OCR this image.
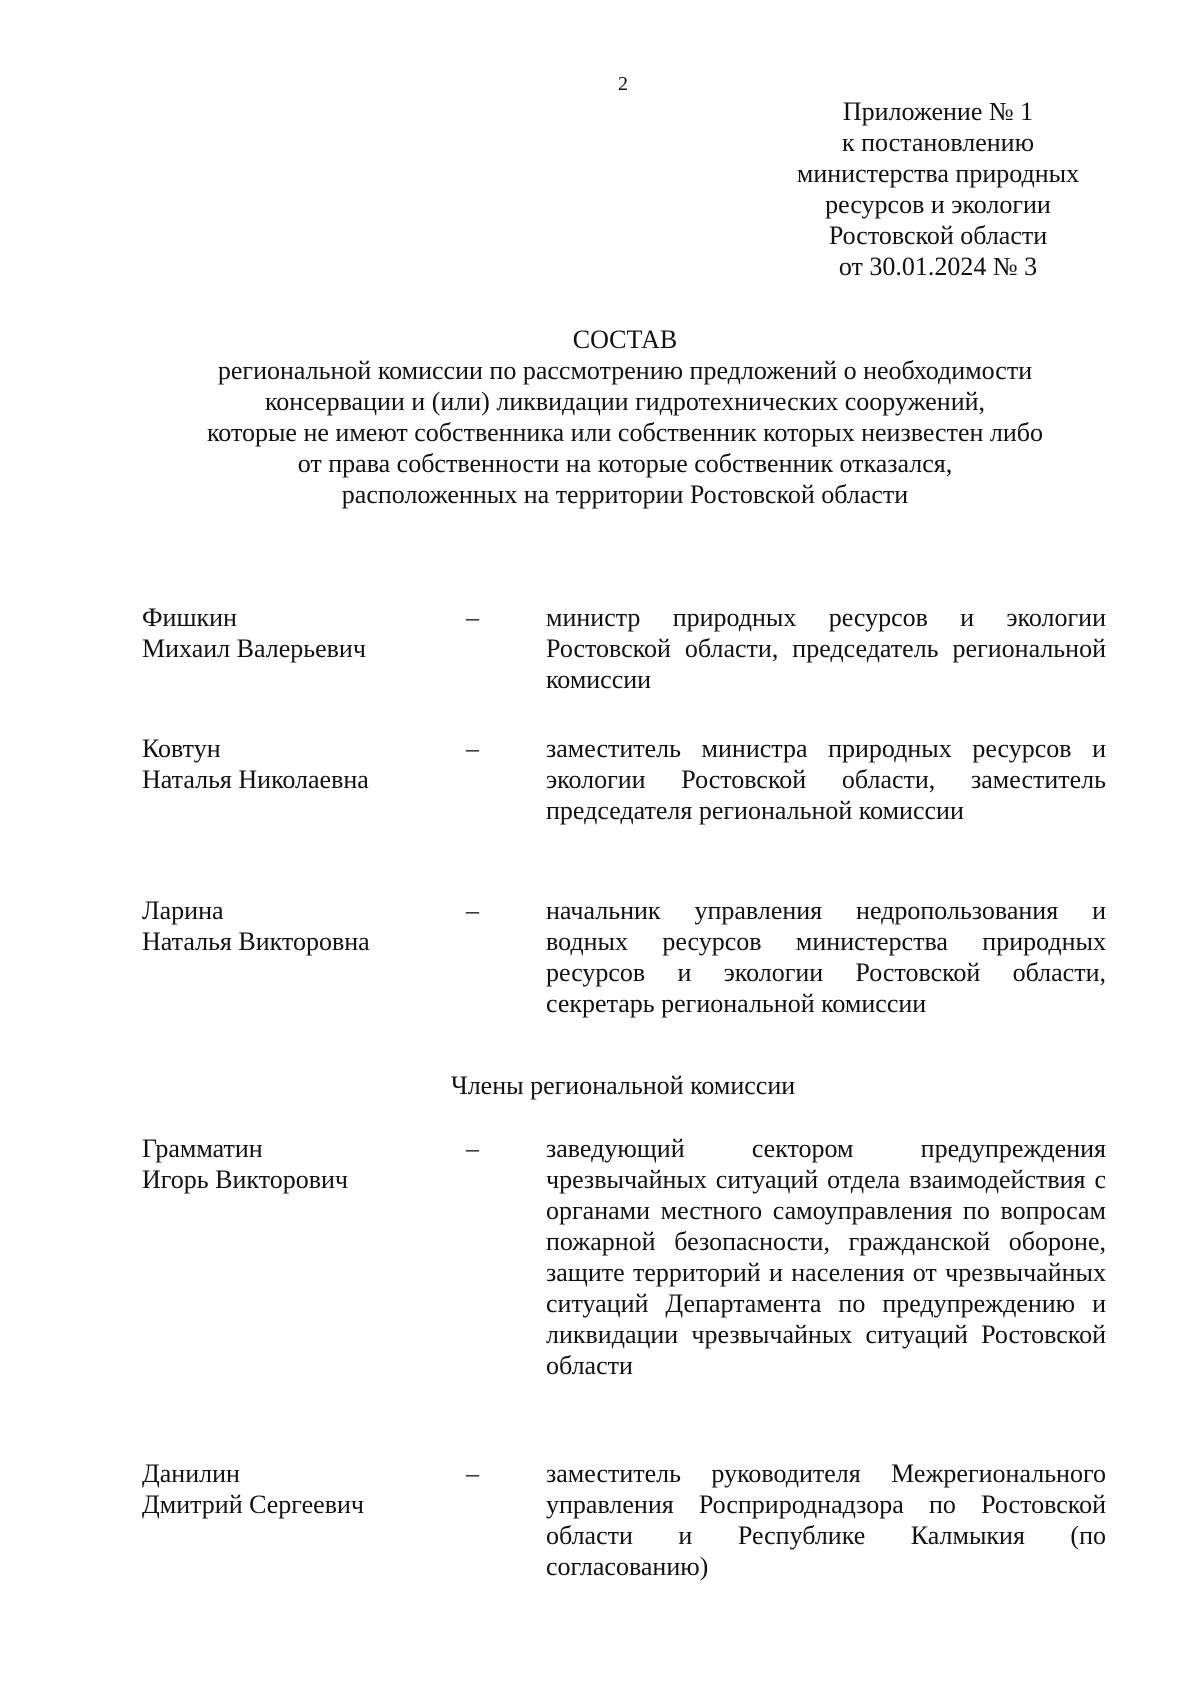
2
Приложение № 1
к постановлению
министерства природных
ресурсов и экологии
Ростовской области
от 30.01.2024 № 3
СОСТАВ
региональной комиссии по рассмотрению предложений о необходимости
консервации и (или) ликвидации гидротехнических сооружений,
которые не имеют собственника или собственник которых неизвестен либо
от права собственности на которые собственник отказался,
расположенных на территории Ростовской области
Фишкин
Михаил Валерьевич
–	министр природных ресурсов и экологии Ростовской области, председатель региональной комиссии
Ковтун
Наталья Николаевна
–	заместитель министра природных ресурсов и экологии Ростовской области, заместитель председателя региональной комиссии
Ларина
Наталья Викторовна
–	начальник управления недропользования и водных ресурсов министерства природных ресурсов и экологии Ростовской области, секретарь региональной комиссии
Члены региональной комиссии
Грамматин
Игорь Викторович
–	заведующий сектором предупреждения чрезвычайных ситуаций отдела взаимодействия с органами местного самоуправления по вопросам пожарной безопасности, гражданской обороне, защите территорий и населения от чрезвычайных ситуаций Департамента по предупреждению и ликвидации чрезвычайных ситуаций Ростовской области
Данилин
Дмитрий Сергеевич
–	заместитель руководителя Межрегионального управления Росприроднадзора по Ростовской области и Республике Калмыкия (по согласованию)
